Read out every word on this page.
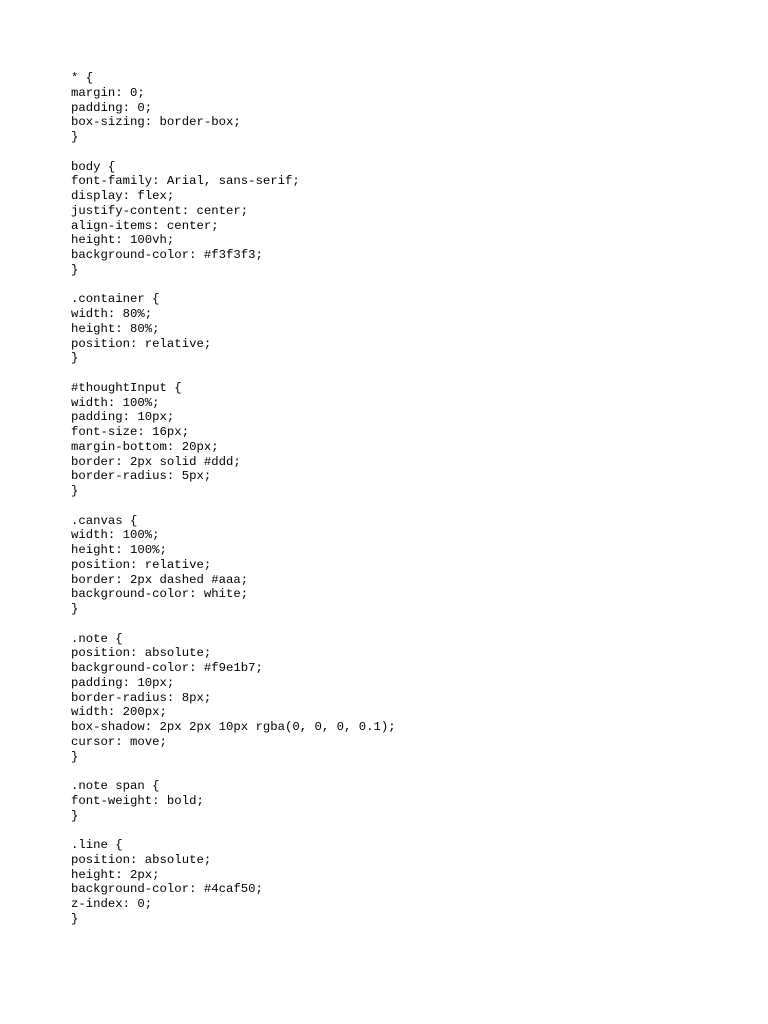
* {
margin: 0;
padding: 0;
box-sizing: border-box;
}
body {
font-family: Arial, sans-serif;
display: flex;
justify-content: center;
align-items: center;
height: 100vh;
background-color: #f3f3f3;
}
.container {
width: 80%;
height: 80%;
position: relative;
}
#thoughtInput {
width: 100%;
padding: 10px;
font-size: 16px;
margin-bottom: 20px;
border: 2px solid #ddd;
border-radius: 5px;
}
.canvas {
width: 100%;
height: 100%;
position: relative;
border: 2px dashed #aaa;
background-color: white;
}
.note {
position: absolute;
background-color: #f9e1b7;
padding: 10px;
border-radius: 8px;
width: 200px;
box-shadow: 2px 2px 10px rgba(0, 0, 0, 0.1);
cursor: move;
}
.note span {
font-weight: bold;
}
.line {
position: absolute;
height: 2px;
background-color: #4caf50;
z-index: 0;
}
